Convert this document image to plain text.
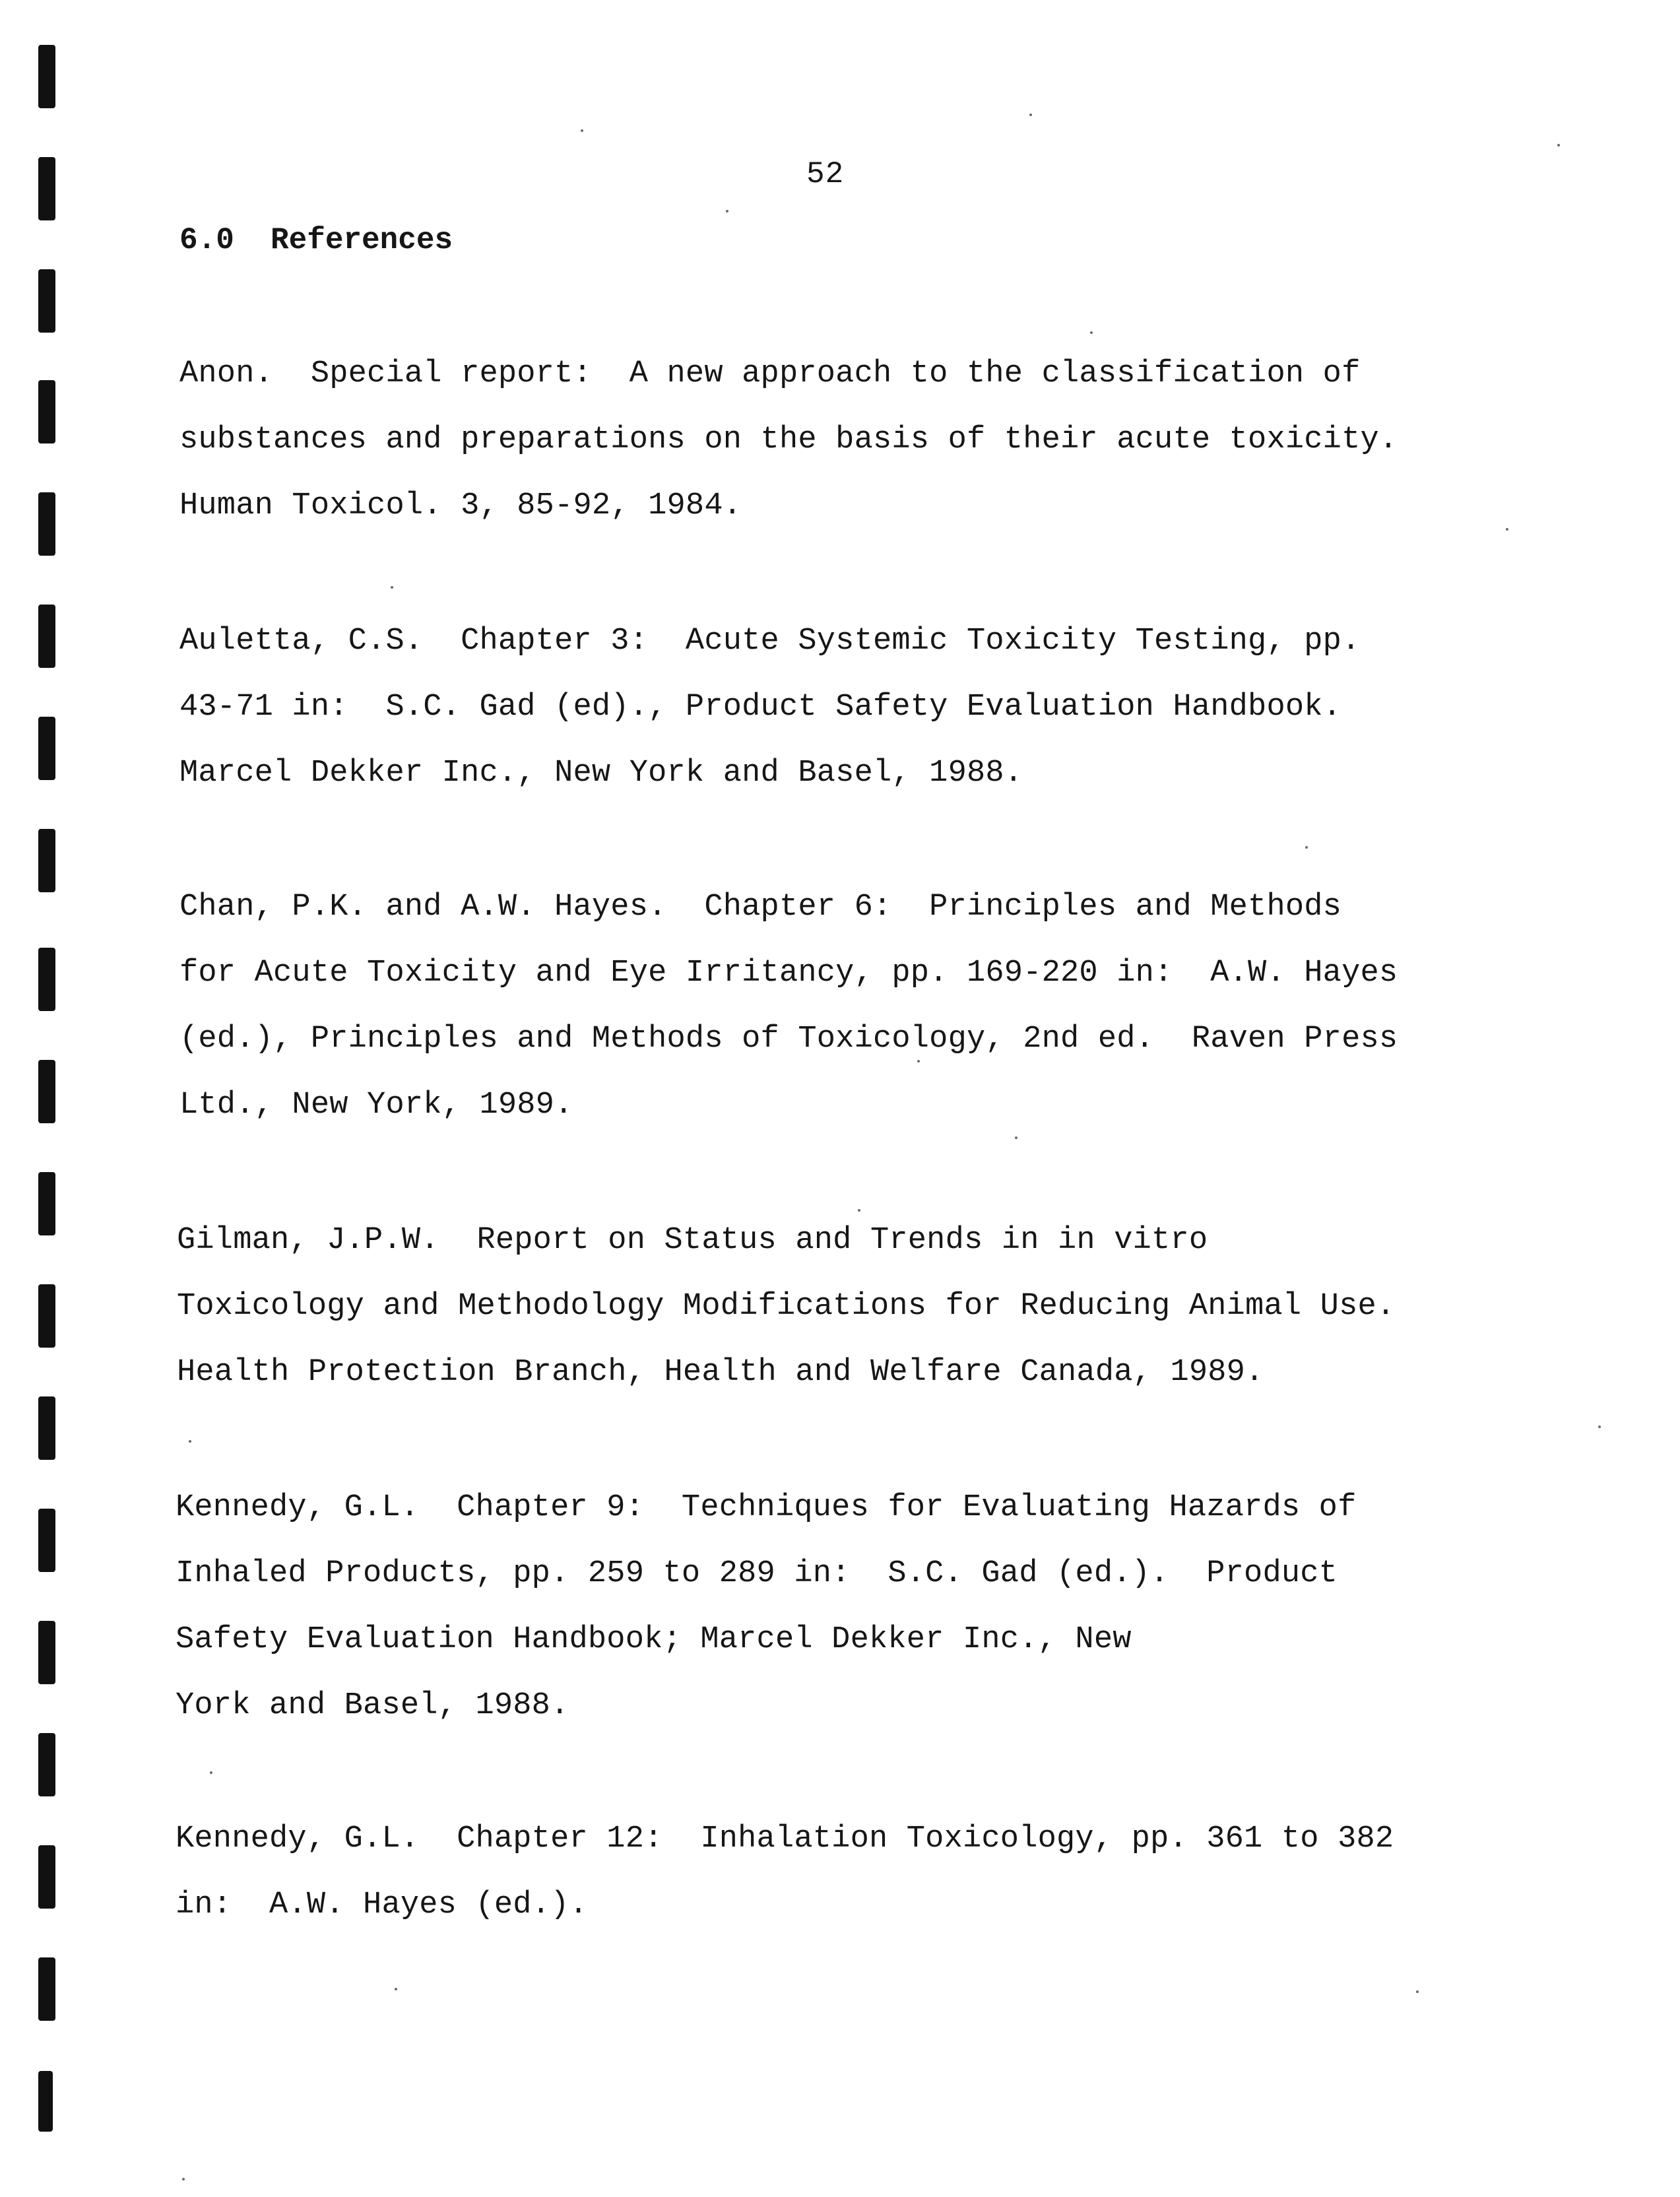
52
6.0  References
Anon.  Special report:  A new approach to the classification of
substances and preparations on the basis of their acute toxicity.
Human Toxicol. 3, 85-92, 1984.
Auletta, C.S.  Chapter 3:  Acute Systemic Toxicity Testing, pp.
43-71 in:  S.C. Gad (ed)., Product Safety Evaluation Handbook.
Marcel Dekker Inc., New York and Basel, 1988.
Chan, P.K. and A.W. Hayes.  Chapter 6:  Principles and Methods
for Acute Toxicity and Eye Irritancy, pp. 169-220 in:  A.W. Hayes
(ed.), Principles and Methods of Toxicology, 2nd ed.  Raven Press
Ltd., New York, 1989.
Gilman, J.P.W.  Report on Status and Trends in in vitro
Toxicology and Methodology Modifications for Reducing Animal Use.
Health Protection Branch, Health and Welfare Canada, 1989.
Kennedy, G.L.  Chapter 9:  Techniques for Evaluating Hazards of
Inhaled Products, pp. 259 to 289 in:  S.C. Gad (ed.).  Product
Safety Evaluation Handbook; Marcel Dekker Inc., New
York and Basel, 1988.
Kennedy, G.L.  Chapter 12:  Inhalation Toxicology, pp. 361 to 382
in:  A.W. Hayes (ed.).
